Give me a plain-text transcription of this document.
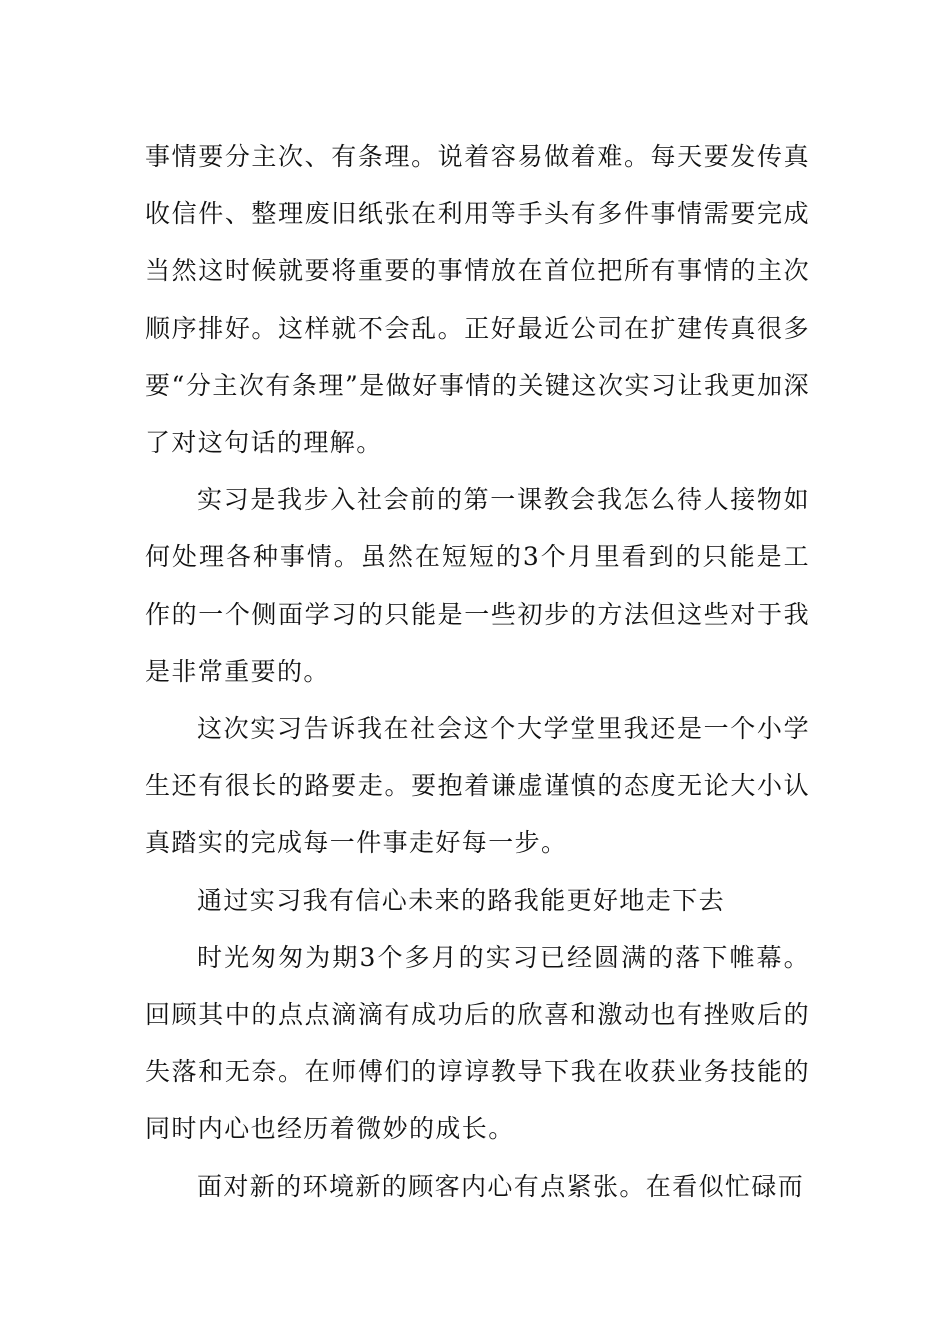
事情要分主次、有条理。说着容易做着难。每天要发传真收信件、整理废旧纸张在利用等手头有多件事情需要完成当然这时候就要将重要的事情放在首位把所有事情的主次顺序排好。这样就不会乱。正好最近公司在扩建传真很多要“分主次有条理”是做好事情的关键这次实习让我更加深了对这句话的理解。

实习是我步入社会前的第一课教会我怎么待人接物如何处理各种事情。虽然在短短的3个月里看到的只能是工作的一个侧面学习的只能是一些初步的方法但这些对于我是非常重要的。

这次实习告诉我在社会这个大学堂里我还是一个小学生还有很长的路要走。要抱着谦虚谨慎的态度无论大小认真踏实的完成每一件事走好每一步。

通过实习我有信心未来的路我能更好地走下去

时光匆匆为期3个多月的实习已经圆满的落下帷幕。回顾其中的点点滴滴有成功后的欣喜和激动也有挫败后的失落和无奈。在师傅们的谆谆教导下我在收获业务技能的同时内心也经历着微妙的成长。

面对新的环境新的顾客内心有点紧张。在看似忙碌而
